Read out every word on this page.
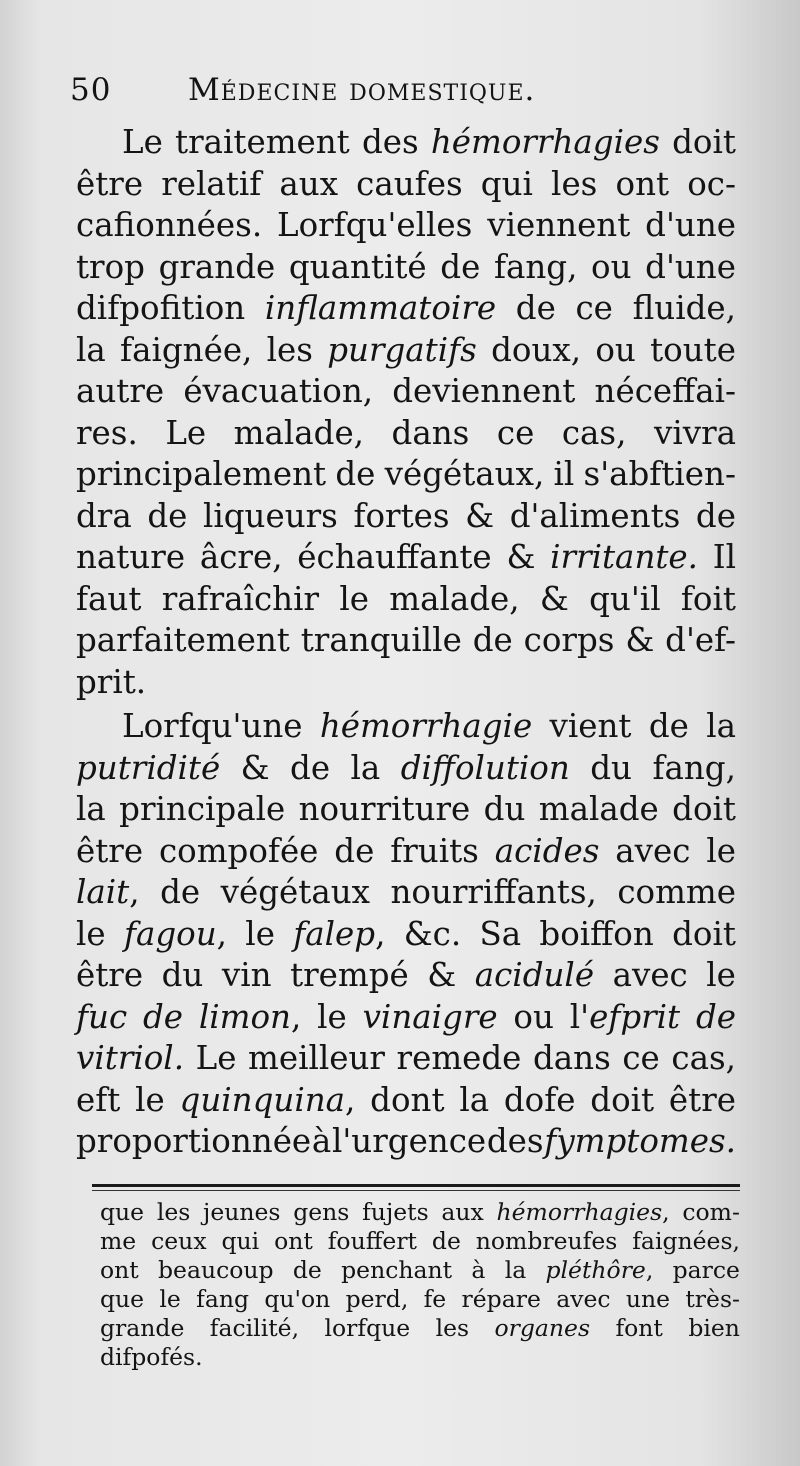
50 Médecine domestique.
Le traitement des hémorrhagies doit
être relatif aux caufes qui les ont oc-
cafionnées. Lorfqu'elles viennent d'une
trop grande quantité de fang, ou d'une
difpofition inflammatoire de ce fluide,
la faignée, les purgatifs doux, ou toute
autre évacuation, deviennent néceffai-
res. Le malade, dans ce cas, vivra
principalement de végétaux, il s'abftien-
dra de liqueurs fortes & d'aliments de
nature âcre, échauffante & irritante. Il
faut rafraîchir le malade, & qu'il foit
parfaitement tranquille de corps & d'ef-
prit.
Lorfqu'une hémorrhagie vient de la
putridité & de la diffolution du fang,
la principale nourriture du malade doit
être compofée de fruits acides avec le
lait, de végétaux nourriffants, comme
le fagou, le falep, &c. Sa boiffon doit
être du vin trempé & acidulé avec le
fuc de limon, le vinaigre ou l'efprit de
vitriol. Le meilleur remede dans ce cas,
eft le quinquina, dont la dofe doit être
proportionnée à l'urgence des fymptomes.
que les jeunes gens fujets aux hémorrhagies, com-
me ceux qui ont fouffert de nombreufes faignées,
ont beaucoup de penchant à la pléthôre, parce
que le fang qu'on perd, fe répare avec une très-
grande facilité, lorfque les organes font bien
difpofés.
